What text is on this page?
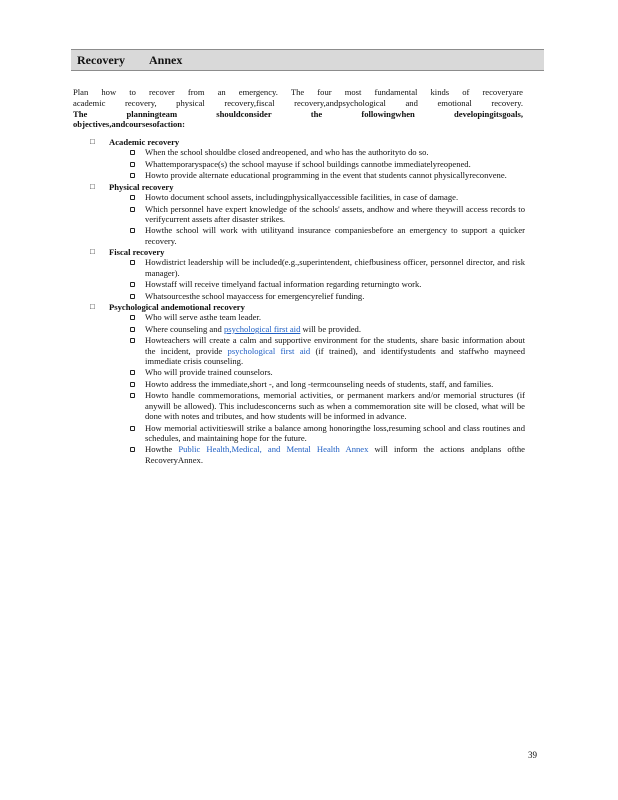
Recovery Annex

Plan how to recover from an emergency. The four most fundamental kinds of recoveryare

academic recovery, physical recovery,fiscal recovery,andpsychological and emotional recovery.

The planningteam shouldconsider the followingwhen developingitsgoals,

objectives,andcoursesofaction:

□ Academic recovery
When the school shouldbe closed andreopened, and who has the authorityto do so.
Whattemporaryspace(s) the school mayuse if school buildings cannotbe immediatelyreopened.
Howto provide alternate educational programming in the event that students cannot physicallyreconvene.
□ Physical recovery
Howto document school assets, includingphysicallyaccessible facilities, in case of damage.
Which personnel have expert knowledge of the schools' assets, andhow and where theywill access records to verifycurrent assets after disaster strikes.
Howthe school will work with utilityand insurance companiesbefore an emergency to support a quicker recovery.
□ Fiscal recovery
Howdistrict leadership will be included(e.g.,superintendent, chiefbusiness officer, personnel director, and risk manager).
Howstaff will receive timelyand factual information regarding returningto work.
Whatsourcesthe school mayaccess for emergencyrelief funding.
□ Psychological andemotional recovery
Who will serve asthe team leader.
Where counseling and psychological first aid will be provided.
Howteachers will create a calm and supportive environment for the students, share basic information about the incident, provide psychological first aid (if trained), and identifystudents and staffwho mayneed immediate crisis counseling.
Who will provide trained counselors.
Howto address the immediate,short -, and long -termcounseling needs of students, staff, and families.
Howto handle commemorations, memorial activities, or permanent markers and/or memorial structures (if anywill be allowed). This includesconcerns such as when a commemoration site will be closed, what will be done with notes and tributes, and how students will be informed in advance.
How memorial activitieswill strike a balance among honoringthe loss,resuming school and class routines and schedules, and maintaining hope for the future.
Howthe Public Health,Medical, and Mental Health Annex will inform the actions andplans ofthe RecoveryAnnex.
39
